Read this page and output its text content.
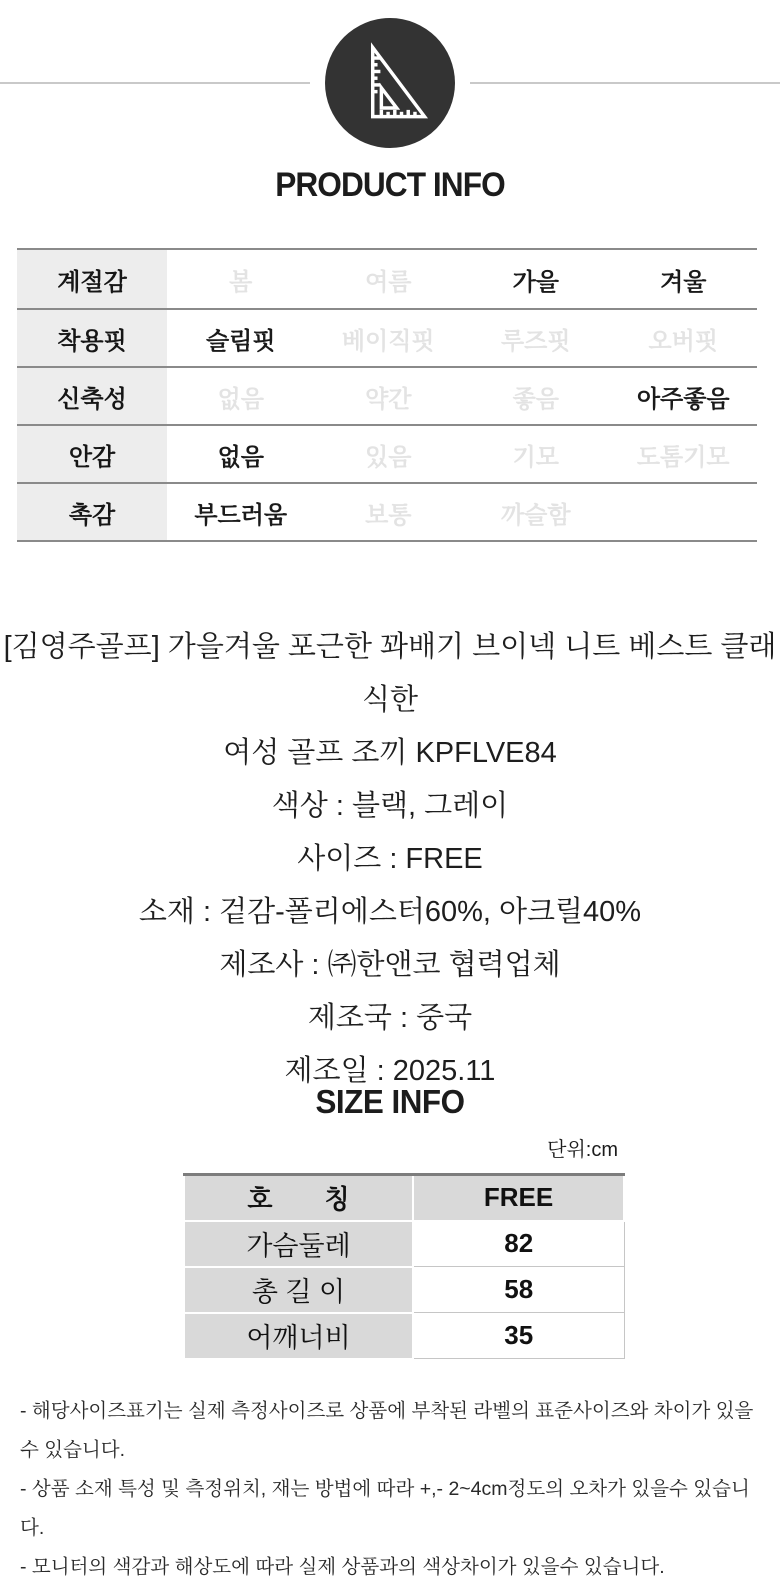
PRODUCT INFO
계절감	봄	여름	가을	겨울
착용핏	슬림핏	베이직핏	루즈핏	오버핏
신축성	없음	약간	좋음	아주좋음
안감	없음	있음	기모	도톰기모
촉감	부드러움	보통	까슬함
[김영주골프] 가을겨울 포근한 꽈배기 브이넥 니트 베스트 클래식한
여성 골프 조끼 KPFLVE84
색상 : 블랙, 그레이
사이즈 : FREE
소재 : 겉감-폴리에스터60%, 아크릴40%
제조사 : ㈜한앤코 협력업체
제조국 : 중국
제조일 : 2025.11
SIZE INFO
단위:cm
호　　칭	FREE
가슴둘레	82
총 길 이	58
어깨너비	35
- 해당사이즈표기는 실제 측정사이즈로 상품에 부착된 라벨의 표준사이즈와 차이가 있을 수 있습니다.
- 상품 소재 특성 및 측정위치, 재는 방법에 따라 +,- 2~4cm정도의 오차가 있을수 있습니다.
- 모니터의 색감과 해상도에 따라 실제 상품과의 색상차이가 있을수 있습니다.
